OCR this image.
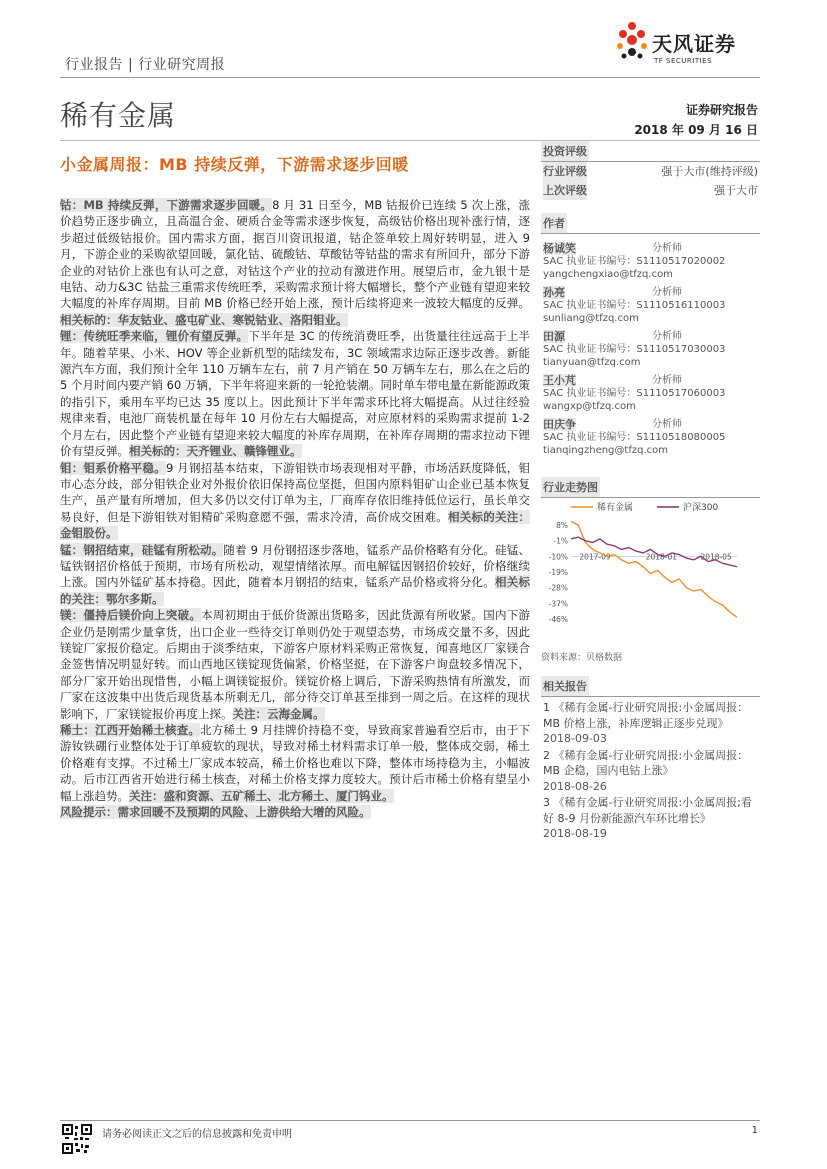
行业报告 | 行业研究周报
天风证券
TF SECURITIES
稀有金属	证券研究报告
2018 年 09 月 16 日
小金属周报：MB 持续反弹，下游需求逐步回暖

钴：MB 持续反弹，下游需求逐步回暖。8 月 31 日至今，MB 钴报价已连续 5 次上涨，涨价趋势正逐步确立，且高温合金、硬质合金等需求逐步恢复，高级钴价格出现补涨行情，逐步超过低级钴报价。国内需求方面，据百川资讯报道，钴企签单较上周好转明显，进入 9 月，下游企业的采购欲望回暖，氯化钴、硫酸钴、草酸钴等钴盐的需求有所回升，部分下游企业的对钴价上涨也有认可之意，对钴这个产业的拉动有激进作用。展望后市，金九银十是电钴、动力&3C 钴盐三重需求传统旺季，采购需求预计将大幅增长，整个产业链有望迎来较大幅度的补库存周期。目前 MB 价格已经开始上涨，预计后续将迎来一波较大幅度的反弹。相关标的：华友钴业、盛屯矿业、寒锐钴业、洛阳钼业。

锂：传统旺季来临，锂价有望反弹。下半年是 3C 的传统消费旺季，出货量往往远高于上半年。随着苹果、小米、HOV 等企业新机型的陆续发布，3C 领域需求边际正逐步改善。新能源汽车方面，我们预计全年 110 万辆车左右，前 7 月产销在 50 万辆车左右，那么在之后的 5 个月时间内要产销 60 万辆，下半年将迎来新的一轮抢装潮。同时单车带电量在新能源政策的指引下，乘用车平均已达 35 度以上。因此预计下半年需求环比将大幅提高。从过往经验规律来看，电池厂商装机量在每年 10 月份左右大幅提高，对应原材料的采购需求提前 1-2 个月左右，因此整个产业链有望迎来较大幅度的补库存周期，在补库存周期的需求拉动下锂价有望反弹。相关标的：天齐锂业、赣锋锂业。

钼：钼系价格平稳。9 月钢招基本结束，下游钼铁市场表现相对平静，市场活跃度降低，钼市心态分歧，部分钼铁企业对外报价依旧保持高位坚挺，但国内原料钼矿山企业已基本恢复生产，虽产量有所增加，但大多仍以交付订单为主，厂商库存依旧维持低位运行，虽长单交易良好，但是下游钼铁对钼精矿采购意愿不强，需求冷清，高价成交困难。相关标的关注：金钼股份。

锰：钢招结束，硅锰有所松动。随着 9 月份钢招逐步落地，锰系产品价格略有分化。硅锰、锰铁钢招价格低于预期，市场有所松动，观望情绪浓厚。而电解锰因钢招价较好，价格继续上涨。国内外锰矿基本持稳。因此，随着本月钢招的结束，锰系产品价格或将分化。相关标的关注：鄂尔多斯。

镁：僵持后镁价向上突破。本周初期由于低价货源出货略多，因此货源有所收紧。国内下游企业仍是刚需少量拿货，出口企业一些待交订单则仍处于观望态势，市场成交量不多，因此镁锭厂家报价稳定。后期由于淡季结束，下游客户原材料采购正常恢复，闻喜地区厂家镁合金签售情况明显好转。而山西地区镁锭现货偏紧，价格坚挺，在下游客户询盘较多情况下，部分厂家开始出现惜售，小幅上调镁锭报价。镁锭价格上调后，下游采购热情有所激发，而厂家在这波集中出货后现货基本所剩无几，部分待交订单甚至排到一周之后。在这样的现状影响下，厂家镁锭报价再度上探。关注：云海金属。

稀土：江西开始稀土核查。北方稀土 9 月挂牌价持稳不变，导致商家普遍看空后市，由于下游钕铁硼行业整体处于订单疲软的现状，导致对稀土材料需求订单一般，整体成交弱，稀土价格难有支撑。不过稀土厂家成本较高，稀土价格也难以下降，整体市场持稳为主，小幅波动。后市江西省开始进行稀土核查，对稀土价格支撑力度较大。预计后市稀土价格有望呈小幅上涨趋势。关注：盛和资源、五矿稀土、北方稀土、厦门钨业。

风险提示：需求回暖不及预期的风险、上游供给大增的风险。

投资评级
行业评级	强于大市(维持评级)
上次评级	强于大市
作者
杨诚笑	分析师
SAC 执业证书编号：S1110517020002
yangchengxiao@tfzq.com
孙亮	分析师
SAC 执业证书编号：S1110516110003
sunliang@tfzq.com
田源	分析师
SAC 执业证书编号：S1110517030003
tianyuan@tfzq.com
王小芃	分析师
SAC 执业证书编号：S1110517060003
wangxp@tfzq.com
田庆争	分析师
SAC 执业证书编号：S1110518080005
tianqingzheng@tfzq.com
行业走势图
稀有金属	沪深300
8%
-1%
-10%
-19%
-28%
-37%
-46%
2017-09	2018-01	2018-05
资料来源：贝格数据
相关报告
1 《稀有金属-行业研究周报:小金属周报：MB 价格上涨，补库逻辑正逐步兑现》
2018-09-03
2 《稀有金属-行业研究周报:小金属周报：MB 企稳，国内电钴上涨》
2018-08-26
3 《稀有金属-行业研究周报:小金属周报;看好 8-9 月份新能源汽车环比增长》
2018-08-19
请务必阅读正文之后的信息披露和免责申明	1
